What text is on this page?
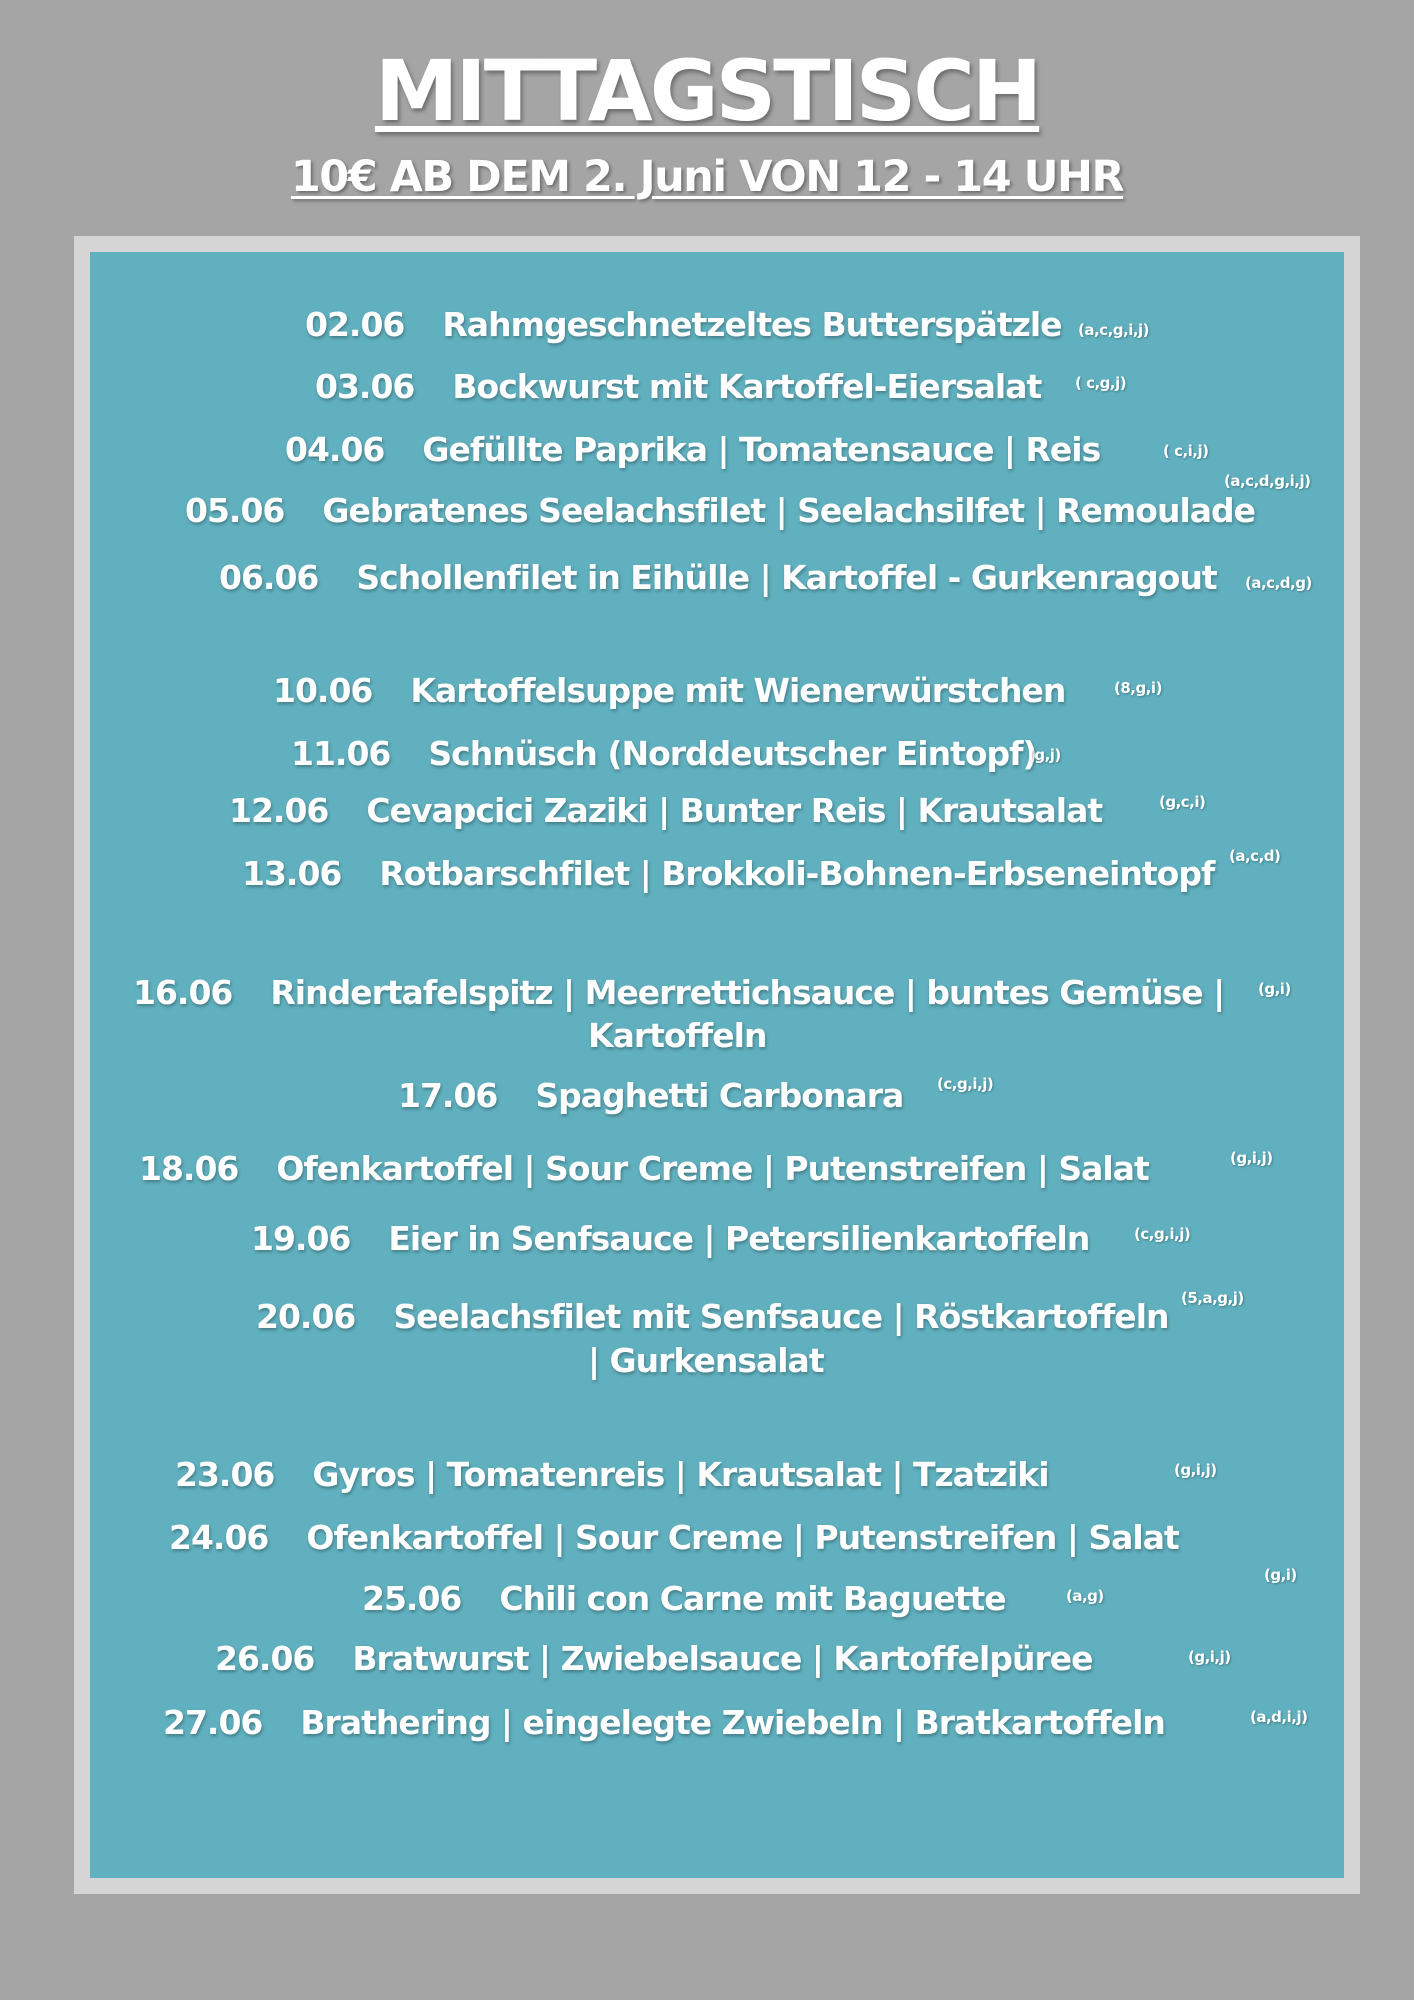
MITTAGSTISCH
10€ AB DEM 2. Juni VON 12 - 14 UHR
02.06 Rahmgeschnetzeltes Butterspätzle (a,c,g,i,j)
03.06 Bockwurst mit Kartoffel-Eiersalat ( c,g,j)
04.06 Gefüllte Paprika | Tomatensauce | Reis	( c,i,j)
05.06 Gebratenes Seelachsfilet | Seelachsilfet | Remoulade
(a,c,d,g,i,j)
06.06 Schollenfilet in Eihülle | Kartoffel - Gurkenragout (a,c,d,g)
10.06 Kartoffelsuppe mit Wienerwürstchen	(8,g,i)
11.06 Schnüsch (Norddeutscher Eintopf)
(g,j)
12.06 Cevapcici Zaziki | Bunter Reis | Krautsalat	(g,c,i)
13.06 Rotbarschfilet | Brokkoli-Bohnen-Erbseneintopf (a,c,d)
16.06 Rindertafelspitz | Meerrettichsauce | buntes Gemüse |
Kartoffeln
(g,i)
17.06 Spaghetti Carbonara (c,g,i,j)
18.06 Ofenkartoffel | Sour Creme | Putenstreifen | Salat	(g,i,j)
19.06 Eier in Senfsauce | Petersilienkartoffeln	(c,g,i,j)
20.06 Seelachsfilet mit Senfsauce | Röstkartoffeln
| Gurkensalat
(5,a,g,j)
23.06 Gyros | Tomatenreis | Krautsalat | Tzatziki	(g,i,j)
24.06 Ofenkartoffel | Sour Creme | Putenstreifen | Salat
(g,i)
25.06 Chili con Carne mit Baguette	(a,g)
26.06 Bratwurst | Zwiebelsauce | Kartoffelpüree	(g,i,j)
27.06 Brathering | eingelegte Zwiebeln | Bratkartoffeln	(a,d,i,j)
